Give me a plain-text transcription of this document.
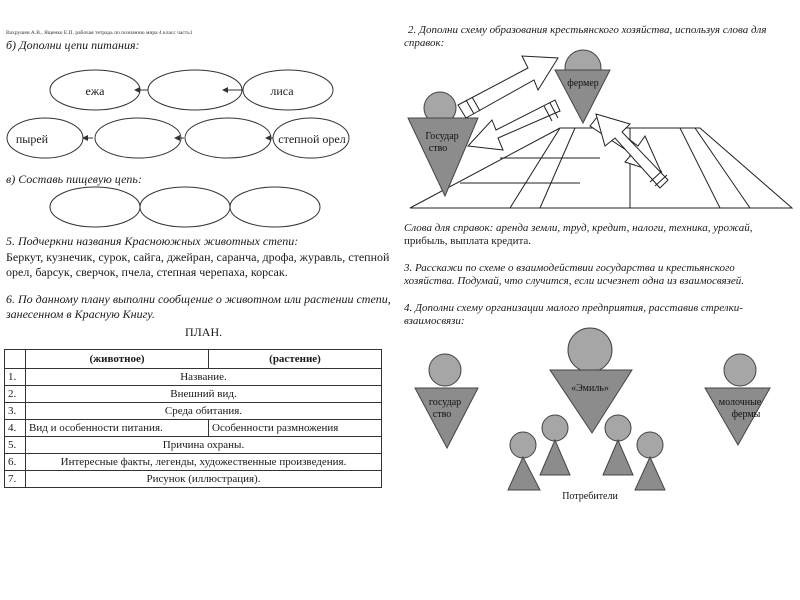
Вахрушев А.В., Ященко Е.П. рабочая тетрадь по познанию мира 4 класс часть1
б) Дополни цепи питания:
ежа	лиса
пырей	степной орел
в) Составь пищевую цепь:
5. Подчеркни названия Красноюжных животных степи:
Беркут, кузнечик, сурок, сайга, джейран, саранча, дрофа, журавль, степной
орел, барсук, сверчок, пчела, степная черепаха, корсак.
6. По данному плану выполни сообщение о животном или растении степи,
занесенном в Красную Книгу.
ПЛАН.
	(животное)	(растение)
1.	Название.	
2.	Внешний вид.	
3.	Среда обитания.	
4.	Вид и особенности питания.	Особенности размножения
5.	Причина охраны.	
6.	Интересные факты, легенды, художественные произведения.	
7.	Рисунок (иллюстрация).	
2. Дополни схему образования крестьянского хозяйства, используя слова для
справок:
фермер
Государ
ство
Слова для справок: аренда земли, труд, кредит, налоги, техника, урожай,
прибыль, выплата кредита.
3. Расскажи по схеме о взаимодействии государства и крестьянского
хозяйства. Подумай, что случится, если исчезнет одна из взаимосвязей.
4. Дополни схему организации малого предприятия, расставив стрелки-
взаимосвязи:
государ
ство
«Эмиль»
молочные
фермы
Потребители
